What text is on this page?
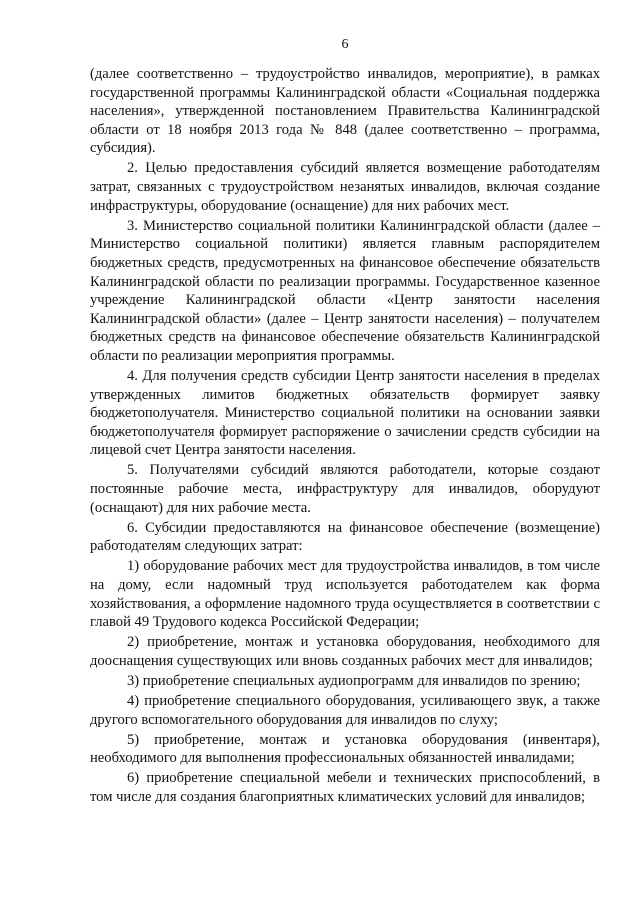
6

(далее соответственно – трудоустройство инвалидов, мероприятие), в рамках государственной программы Калининградской области «Социальная поддержка населения», утвержденной постановлением Правительства Калининградской области от 18 ноября 2013 года № 848 (далее соответственно – программа, субсидия).

2. Целью предоставления субсидий является возмещение работодателям затрат, связанных с трудоустройством незанятых инвалидов, включая создание инфраструктуры, оборудование (оснащение) для них рабочих мест.

3. Министерство социальной политики Калининградской области (далее – Министерство социальной политики) является главным распорядителем бюджетных средств, предусмотренных на финансовое обеспечение обязательств Калининградской области по реализации программы. Государственное казенное учреждение Калининградской области «Центр занятости населения Калининградской области» (далее – Центр занятости населения) – получателем бюджетных средств на финансовое обеспечение обязательств Калининградской области по реализации мероприятия программы.

4. Для получения средств субсидии Центр занятости населения в пределах утвержденных лимитов бюджетных обязательств формирует заявку бюджетополучателя. Министерство социальной политики на основании заявки бюджетополучателя формирует распоряжение о зачислении средств субсидии на лицевой счет Центра занятости населения.

5. Получателями субсидий являются работодатели, которые создают постоянные рабочие места, инфраструктуру для инвалидов, оборудуют (оснащают) для них рабочие места.

6. Субсидии предоставляются на финансовое обеспечение (возмещение) работодателям следующих затрат:

1) оборудование рабочих мест для трудоустройства инвалидов, в том числе на дому, если надомный труд используется работодателем как форма хозяйствования, а оформление надомного труда осуществляется в соответствии с главой 49 Трудового кодекса Российской Федерации;

2) приобретение, монтаж и установка оборудования, необходимого для дооснащения существующих или вновь созданных рабочих мест для инвалидов;

3) приобретение специальных аудиопрограмм для инвалидов по зрению;

4) приобретение специального оборудования, усиливающего звук, а также другого вспомогательного оборудования для инвалидов по слуху;

5) приобретение, монтаж и установка оборудования (инвентаря), необходимого для выполнения профессиональных обязанностей инвалидами;

6) приобретение специальной мебели и технических приспособлений, в том числе для создания благоприятных климатических условий для инвалидов;
